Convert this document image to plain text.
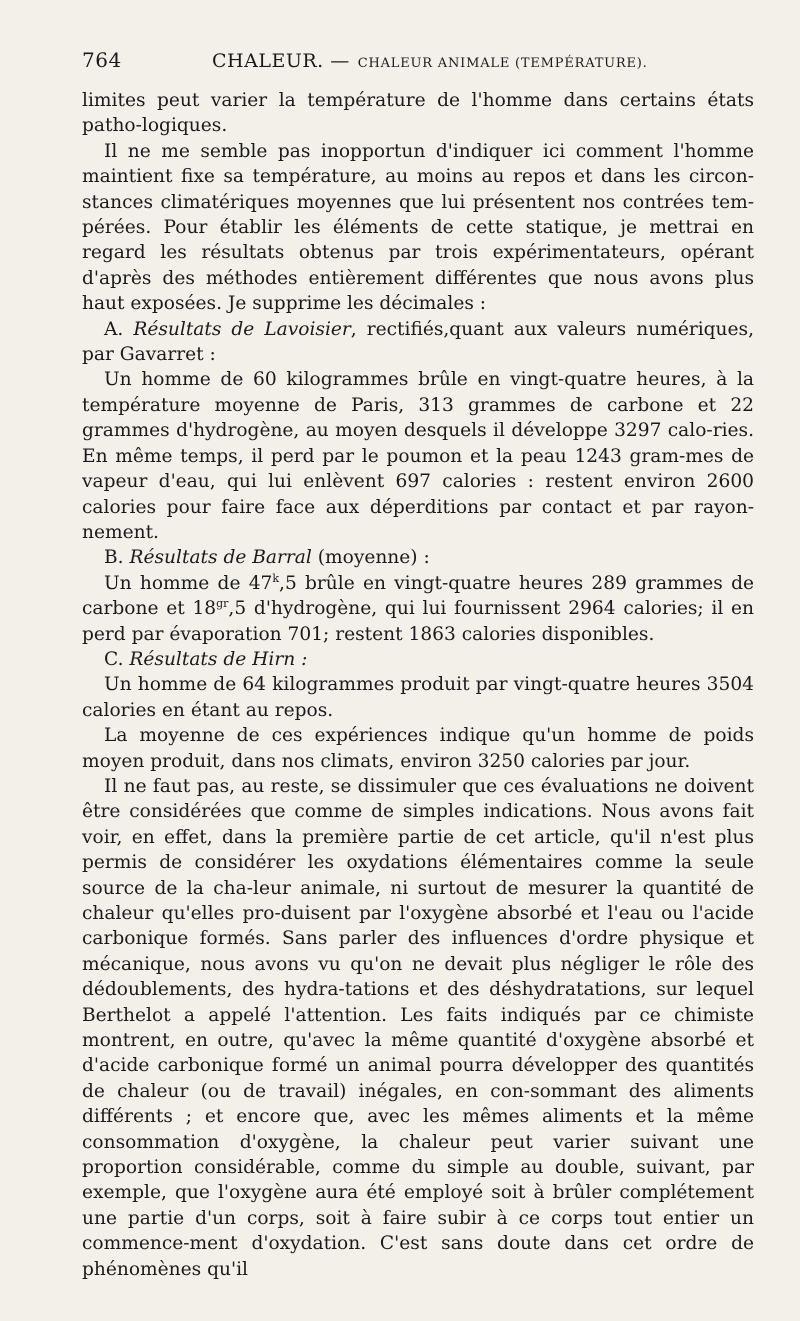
764	CHALEUR. — CHALEUR ANIMALE (TEMPÉRATURE).

limites peut varier la température de l'homme dans certains états patho-logiques.

Il ne me semble pas inopportun d'indiquer ici comment l'homme maintient fixe sa température, au moins au repos et dans les circon-stances climatériques moyennes que lui présentent nos contrées tem-pérées. Pour établir les éléments de cette statique, je mettrai en regard les résultats obtenus par trois expérimentateurs, opérant d'après des méthodes entièrement différentes que nous avons plus haut exposées. Je supprime les décimales :

A. Résultats de Lavoisier, rectifiés,quant aux valeurs numériques, par Gavarret :

Un homme de 60 kilogrammes brûle en vingt-quatre heures, à la température moyenne de Paris, 313 grammes de carbone et 22 grammes d'hydrogène, au moyen desquels il développe 3297 calo-ries. En même temps, il perd par le poumon et la peau 1243 gram-mes de vapeur d'eau, qui lui enlèvent 697 calories : restent environ 2600 calories pour faire face aux déperditions par contact et par rayon-nement.

B. Résultats de Barral (moyenne) :

Un homme de 47$^k$,5 brûle en vingt-quatre heures 289 grammes de carbone et $18^{gr},5$ d'hydrogène, qui lui fournissent 2964 calories; il en perd par évaporation 701; restent 1863 calories disponibles.

C. Résultats de Hirn :

Un homme de 64 kilogrammes produit par vingt-quatre heures 3504 calories en étant au repos.

La moyenne de ces expériences indique qu'un homme de poids moyen produit, dans nos climats, environ 3250 calories par jour.

Il ne faut pas, au reste, se dissimuler que ces évaluations ne doivent être considérées que comme de simples indications. Nous avons fait voir, en effet, dans la première partie de cet article, qu'il n'est plus permis de considérer les oxydations élémentaires comme la seule source de la cha-leur animale, ni surtout de mesurer la quantité de chaleur qu'elles pro-duisent par l'oxygène absorbé et l'eau ou l'acide carbonique formés. Sans parler des influences d'ordre physique et mécanique, nous avons vu qu'on ne devait plus négliger le rôle des dédoublements, des hydra-tations et des déshydratations, sur lequel Berthelot a appelé l'attention. Les faits indiqués par ce chimiste montrent, en outre, qu'avec la même quantité d'oxygène absorbé et d'acide carbonique formé un animal pourra développer des quantités de chaleur (ou de travail) inégales, en con-sommant des aliments différents ; et encore que, avec les mêmes aliments et la même consommation d'oxygène, la chaleur peut varier suivant une proportion considérable, comme du simple au double, suivant, par exemple, que l'oxygène aura été employé soit à brûler complétement une partie d'un corps, soit à faire subir à ce corps tout entier un commence-ment d'oxydation. C'est sans doute dans cet ordre de phénomènes qu'il
